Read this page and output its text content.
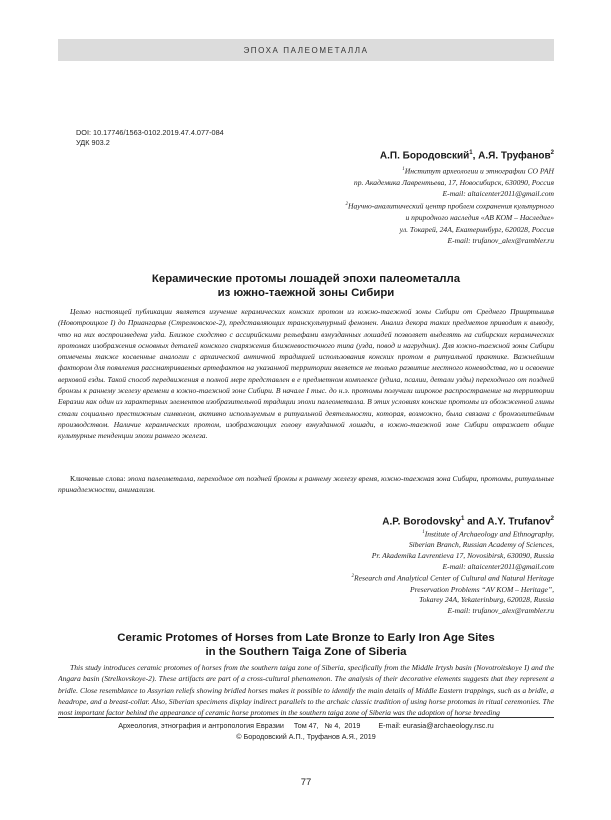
ЭПОХА ПАЛЕОМЕТАЛЛА
DOI: 10.17746/1563-0102.2019.47.4.077-084
УДК 903.2
А.П. Бородовский$^1$, А.Я. Труфанов$^2$
$^1$Институт археологии и этнографии СО РАН
пр. Академика Лаврентьева, 17, Новосибирск, 630090, Россия
E-mail: altaicenter2011@gmail.com
$^2$Научно-аналитический центр проблем сохранения культурного
и природного наследия «АВ КОМ – Наследие»
ул. Токарей, 24А, Екатеринбург, 620028, Россия
E-mail: trufanov_alex@rambler.ru
Керамические протомы лошадей эпохи палеометалла
из южно-таежной зоны Сибири
Целью настоящей публикации является изучение керамических конских протом из южно-таежной зоны Сибири от Среднего Прииртышья (Новотроицкое I) до Приангарья (Стрелковское-2), представляющих транскультурный феномен. Анализ декора таких предметов приводит к выводу, что на них воспроизведена узда. Близкое сходство с ассирийскими рельефами взнузданных лошадей позволяет выделять на сибирских керамических протомах изображения основных деталей конского снаряжения ближневосточного типа (узда, повод и нагрудник). Для южно-таежной зоны Сибири отмечены также косвенные аналогии с архаической античной традицией использования конских протом в ритуальной практике. Важнейшим фактором для появления рассматриваемых артефактов на указанной территории является не только развитие местного коневодства, но и освоение верховой езды. Такой способ передвижения в полной мере представлен в е предметном комплексе (удила, псалии, детали узды) переходного от поздней бронзы к раннему железу времени в южно-таежной зоне Сибири. В начале I тыс. до н.э. протомы получили широкое распространение на территории Евразии как один из характерных элементов изобразительной традиции эпохи палеометалла. В этих условиях конские протомы из обожженной глины стали социально престижным символом, активно используемым в ритуальной деятельности, которая, возможно, была связана с бронзолитейным производством. Наличие керамических протом, изображающих голову взнузданной лошади, в южно-таежной зоне Сибири отражает общие культурные тенденции эпохи раннего железа.
Ключевые слова: эпоха палеометалла, переходное от поздней бронзы к раннему железу время, южно-таежная зона Сибири, протомы, ритуальные принадлежности, анимализм.
A.P. Borodovsky$^1$ and A.Y. Trufanov$^2$
$^1$Institute of Archaeology and Ethnography,
Siberian Branch, Russian Academy of Sciences,
Pr. Akademika Lavrentieva 17, Novosibirsk, 630090, Russia
E-mail: altaicenter2011@gmail.com
$^2$Research and Analytical Center of Cultural and Natural Heritage
Preservation Problems “AV KOM – Heritage”,
Tokarey 24A, Yekaterinburg, 620028, Russia
E-mail: trufanov_alex@rambler.ru
Ceramic Protomes of Horses from Late Bronze to Early Iron Age Sites
in the Southern Taiga Zone of Siberia
This study introduces ceramic protomes of horses from the southern taiga zone of Siberia, specifically from the Middle Irtysh basin (Novotroitskoye I) and the Angara basin (Strelkovskoye-2). These artifacts are part of a cross-cultural phenomenon. The analysis of their decorative elements suggests that they represent a bridle. Close resemblance to Assyrian reliefs showing bridled horses makes it possible to identify the main details of Middle Eastern trappings, such as a bridle, a headrope, and a breast-collar. Also, Siberian specimens display indirect parallels to the archaic classic tradition of using horse protomas in ritual ceremonies. The most important factor behind the appearance of ceramic horse protomes in the southern taiga zone of Siberia was the adoption of horse breeding
Археология, этнография и антропология Евразии Том 47, № 4, 2019 E-mail: eurasia@archaeology.nsc.ru
© Бородовский А.П., Труфанов А.Я., 2019
77
